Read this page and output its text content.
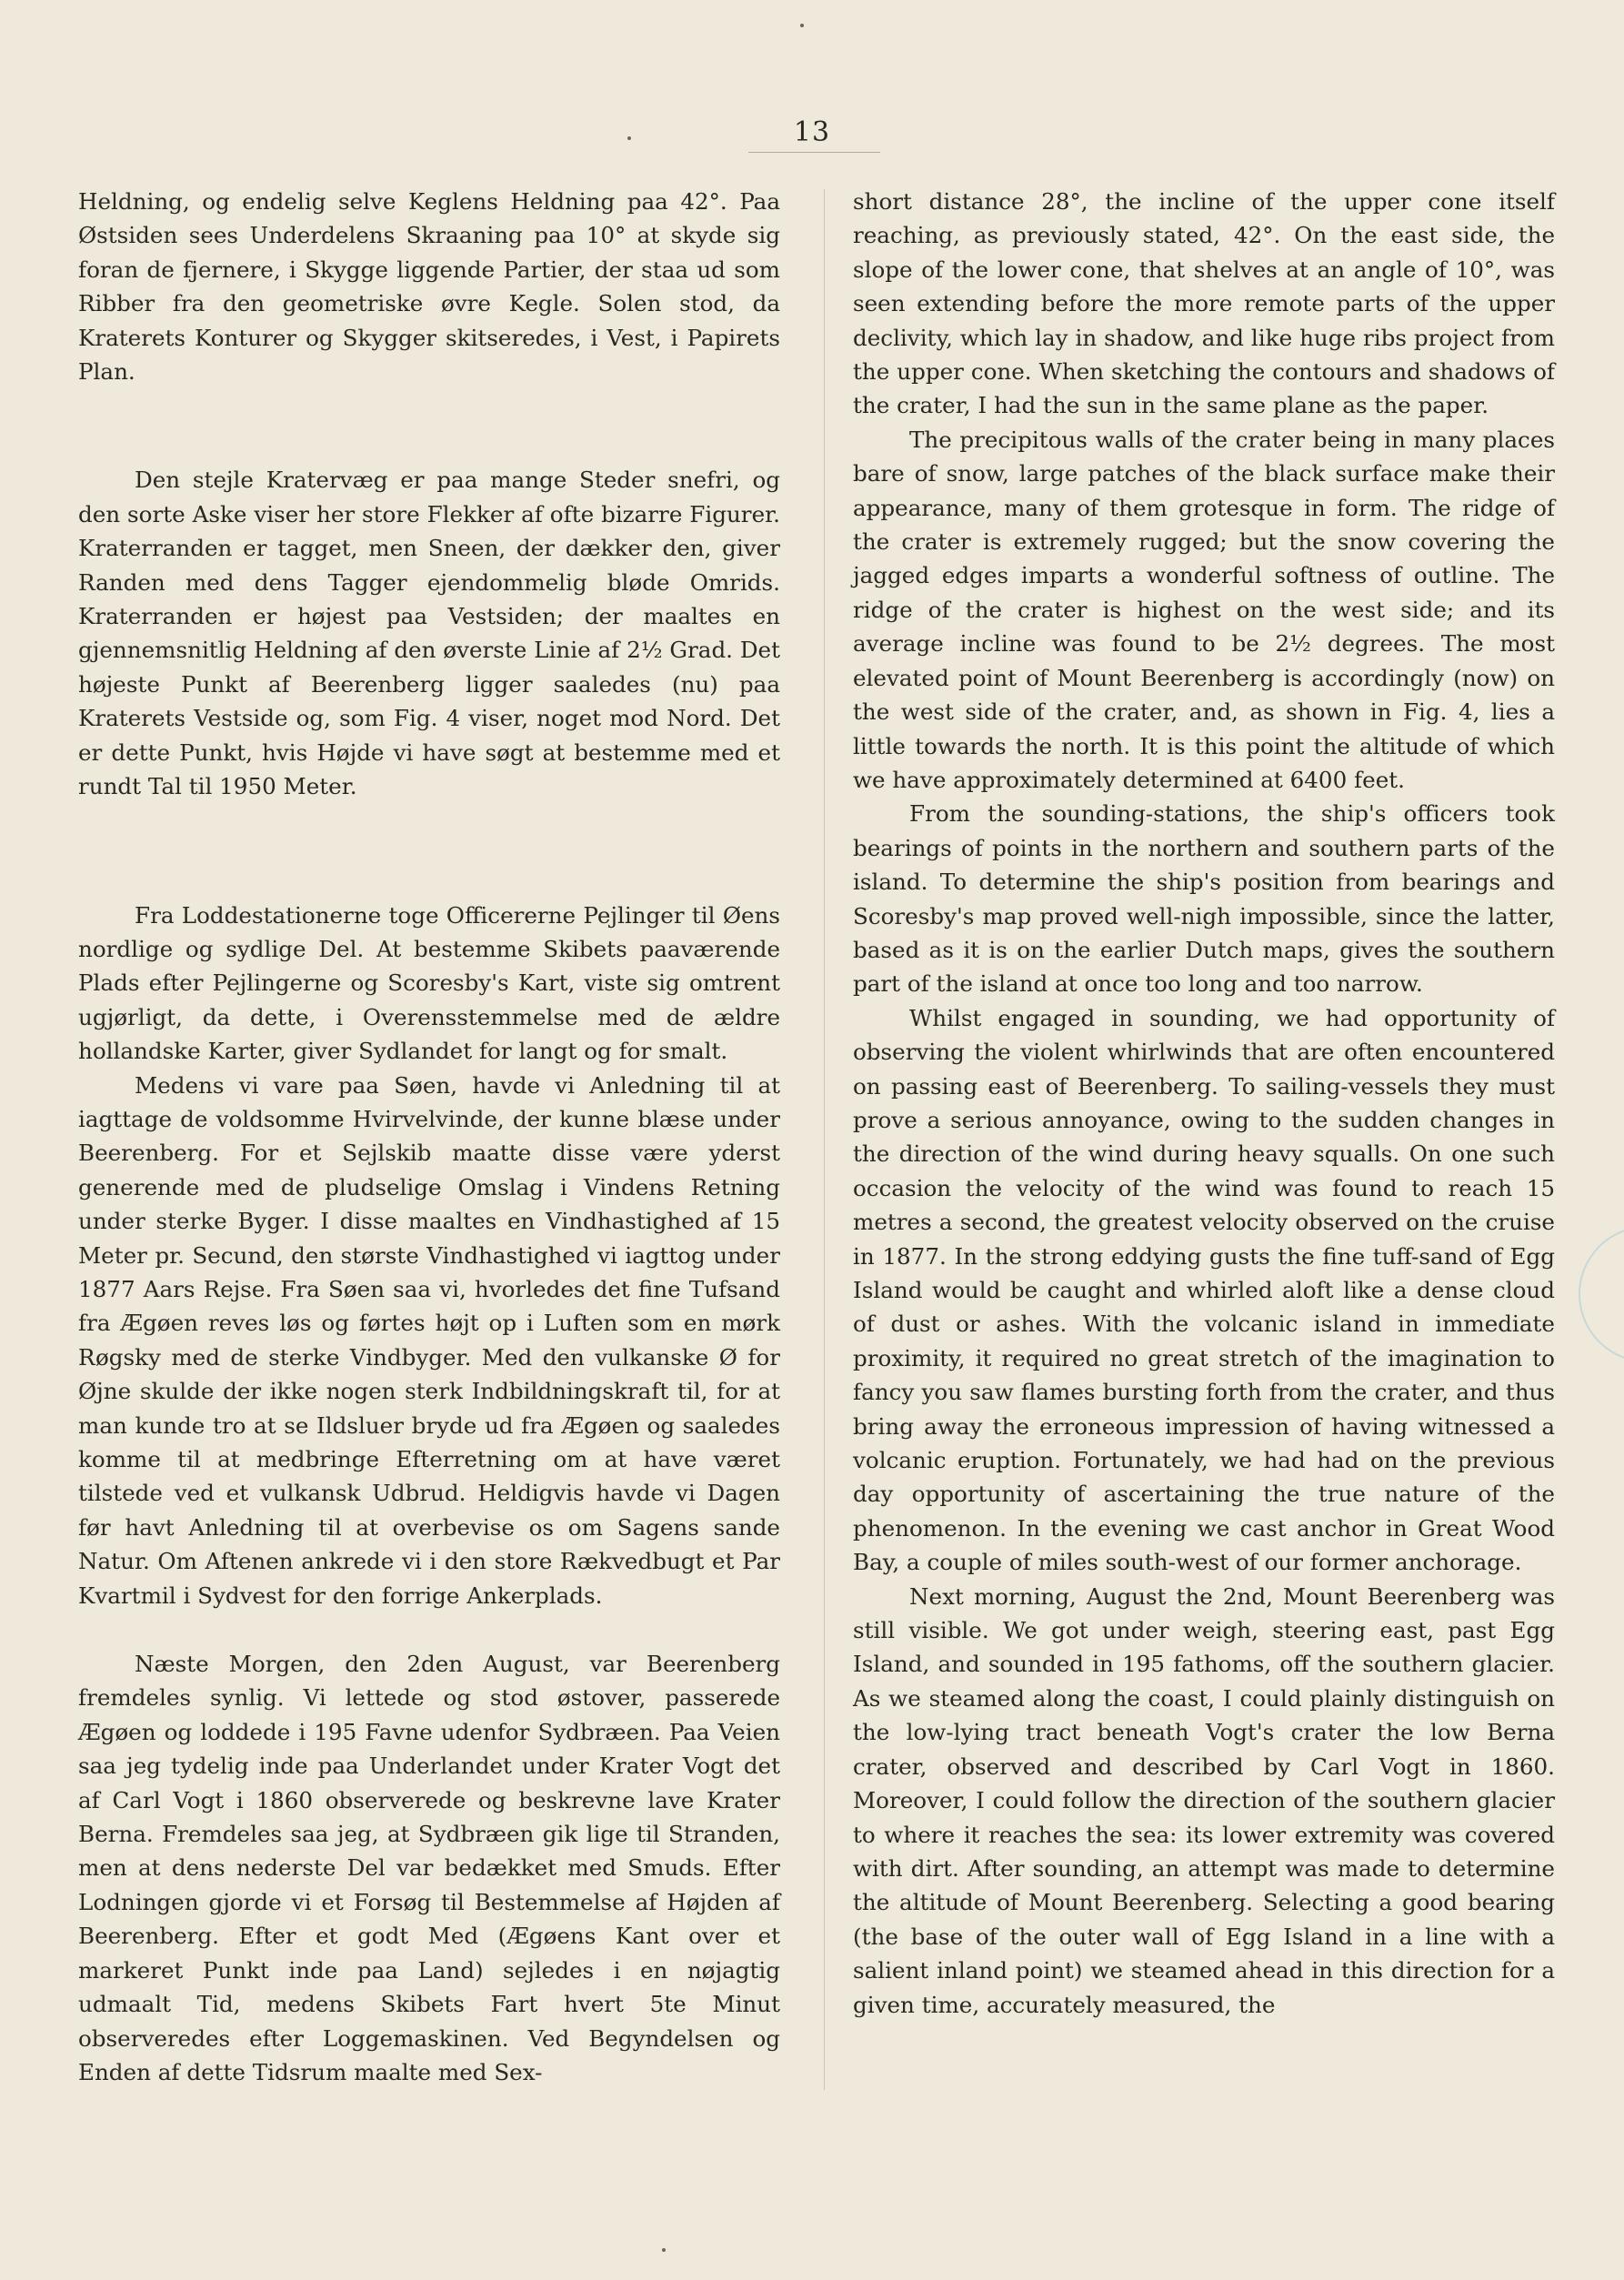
13

Heldning, og endelig selve Keglens Heldning paa 42°. Paa Østsiden sees Underdelens Skraaning paa 10° at skyde sig foran de fjernere, i Skygge liggende Partier, der staa ud som Ribber fra den geometriske øvre Kegle. Solen stod, da Kraterets Konturer og Skygger skitseredes, i Vest, i Papirets Plan.

Den stejle Kratervæg er paa mange Steder snefri, og den sorte Aske viser her store Flekker af ofte bizarre Figurer. Kraterranden er tagget, men Sneen, der dækker den, giver Randen med dens Tagger ejendommelig bløde Omrids. Kraterranden er højest paa Vestsiden; der maaltes en gjennemsnitlig Heldning af den øverste Linie af 2½ Grad. Det højeste Punkt af Beerenberg ligger saaledes (nu) paa Kraterets Vestside og, som Fig. 4 viser, noget mod Nord. Det er dette Punkt, hvis Højde vi have søgt at bestemme med et rundt Tal til 1950 Meter.

Fra Loddestationerne toge Officererne Pejlinger til Øens nordlige og sydlige Del. At bestemme Skibets paaværende Plads efter Pejlingerne og Scoresby's Kart, viste sig omtrent ugjørligt, da dette, i Overensstemmelse med de ældre hollandske Karter, giver Sydlandet for langt og for smalt.

Medens vi vare paa Søen, havde vi Anledning til at iagttage de voldsomme Hvirvelvinde, der kunne blæse under Beerenberg. For et Sejlskib maatte disse være yderst generende med de pludselige Omslag i Vindens Retning under sterke Byger. I disse maaltes en Vindhastighed af 15 Meter pr. Secund, den største Vindhastighed vi iagttog under 1877 Aars Rejse. Fra Søen saa vi, hvorledes det fine Tufsand fra Ægøen reves løs og førtes højt op i Luften som en mørk Røgsky med de sterke Vindbyger. Med den vulkanske Ø for Øjne skulde der ikke nogen sterk Indbildningskraft til, for at man kunde tro at se Ildsluer bryde ud fra Ægøen og saaledes komme til at medbringe Efterretning om at have været tilstede ved et vulkansk Udbrud. Heldigvis havde vi Dagen før havt Anledning til at overbevise os om Sagens sande Natur. Om Aftenen ankrede vi i den store Rækvedbugt et Par Kvartmil i Sydvest for den forrige Ankerplads.

Næste Morgen, den 2den August, var Beerenberg fremdeles synlig. Vi lettede og stod østover, passerede Ægøen og loddede i 195 Favne udenfor Sydbræen. Paa Veien saa jeg tydelig inde paa Underlandet under Krater Vogt det af Carl Vogt i 1860 observerede og beskrevne lave Krater Berna. Fremdeles saa jeg, at Sydbræen gik lige til Stranden, men at dens nederste Del var bedækket med Smuds. Efter Lodningen gjorde vi et Forsøg til Bestemmelse af Højden af Beerenberg. Efter et godt Med (Ægøens Kant over et markeret Punkt inde paa Land) sejledes i en nøjagtig udmaalt Tid, medens Skibets Fart hvert 5te Minut observeredes efter Loggemaskinen. Ved Begyndelsen og Enden af dette Tidsrum maalte med Sex-

short distance 28°, the incline of the upper cone itself reaching, as previously stated, 42°. On the east side, the slope of the lower cone, that shelves at an angle of 10°, was seen extending before the more remote parts of the upper declivity, which lay in shadow, and like huge ribs project from the upper cone. When sketching the contours and shadows of the crater, I had the sun in the same plane as the paper.

The precipitous walls of the crater being in many places bare of snow, large patches of the black surface make their appearance, many of them grotesque in form. The ridge of the crater is extremely rugged; but the snow covering the jagged edges imparts a wonderful softness of outline. The ridge of the crater is highest on the west side; and its average incline was found to be 2½ degrees. The most elevated point of Mount Beerenberg is accordingly (now) on the west side of the crater, and, as shown in Fig. 4, lies a little towards the north. It is this point the altitude of which we have approximately determined at 6400 feet.

From the sounding-stations, the ship's officers took bearings of points in the northern and southern parts of the island. To determine the ship's position from bearings and Scoresby's map proved well-nigh impossible, since the latter, based as it is on the earlier Dutch maps, gives the southern part of the island at once too long and too narrow.

Whilst engaged in sounding, we had opportunity of observing the violent whirlwinds that are often encountered on passing east of Beerenberg. To sailing-vessels they must prove a serious annoyance, owing to the sudden changes in the direction of the wind during heavy squalls. On one such occasion the velocity of the wind was found to reach 15 metres a second, the greatest velocity observed on the cruise in 1877. In the strong eddying gusts the fine tuff-sand of Egg Island would be caught and whirled aloft like a dense cloud of dust or ashes. With the volcanic island in immediate proximity, it required no great stretch of the imagination to fancy you saw flames bursting forth from the crater, and thus bring away the erroneous impression of having witnessed a volcanic eruption. Fortunately, we had had on the previous day opportunity of ascertaining the true nature of the phenomenon. In the evening we cast anchor in Great Wood Bay, a couple of miles south-west of our former anchorage.

Next morning, August the 2nd, Mount Beerenberg was still visible. We got under weigh, steering east, past Egg Island, and sounded in 195 fathoms, off the southern glacier. As we steamed along the coast, I could plainly distinguish on the low-lying tract beneath Vogt's crater the low Berna crater, observed and described by Carl Vogt in 1860. Moreover, I could follow the direction of the southern glacier to where it reaches the sea: its lower extremity was covered with dirt. After sounding, an attempt was made to determine the altitude of Mount Beerenberg. Selecting a good bearing (the base of the outer wall of Egg Island in a line with a salient inland point) we steamed ahead in this direction for a given time, accurately measured, the
